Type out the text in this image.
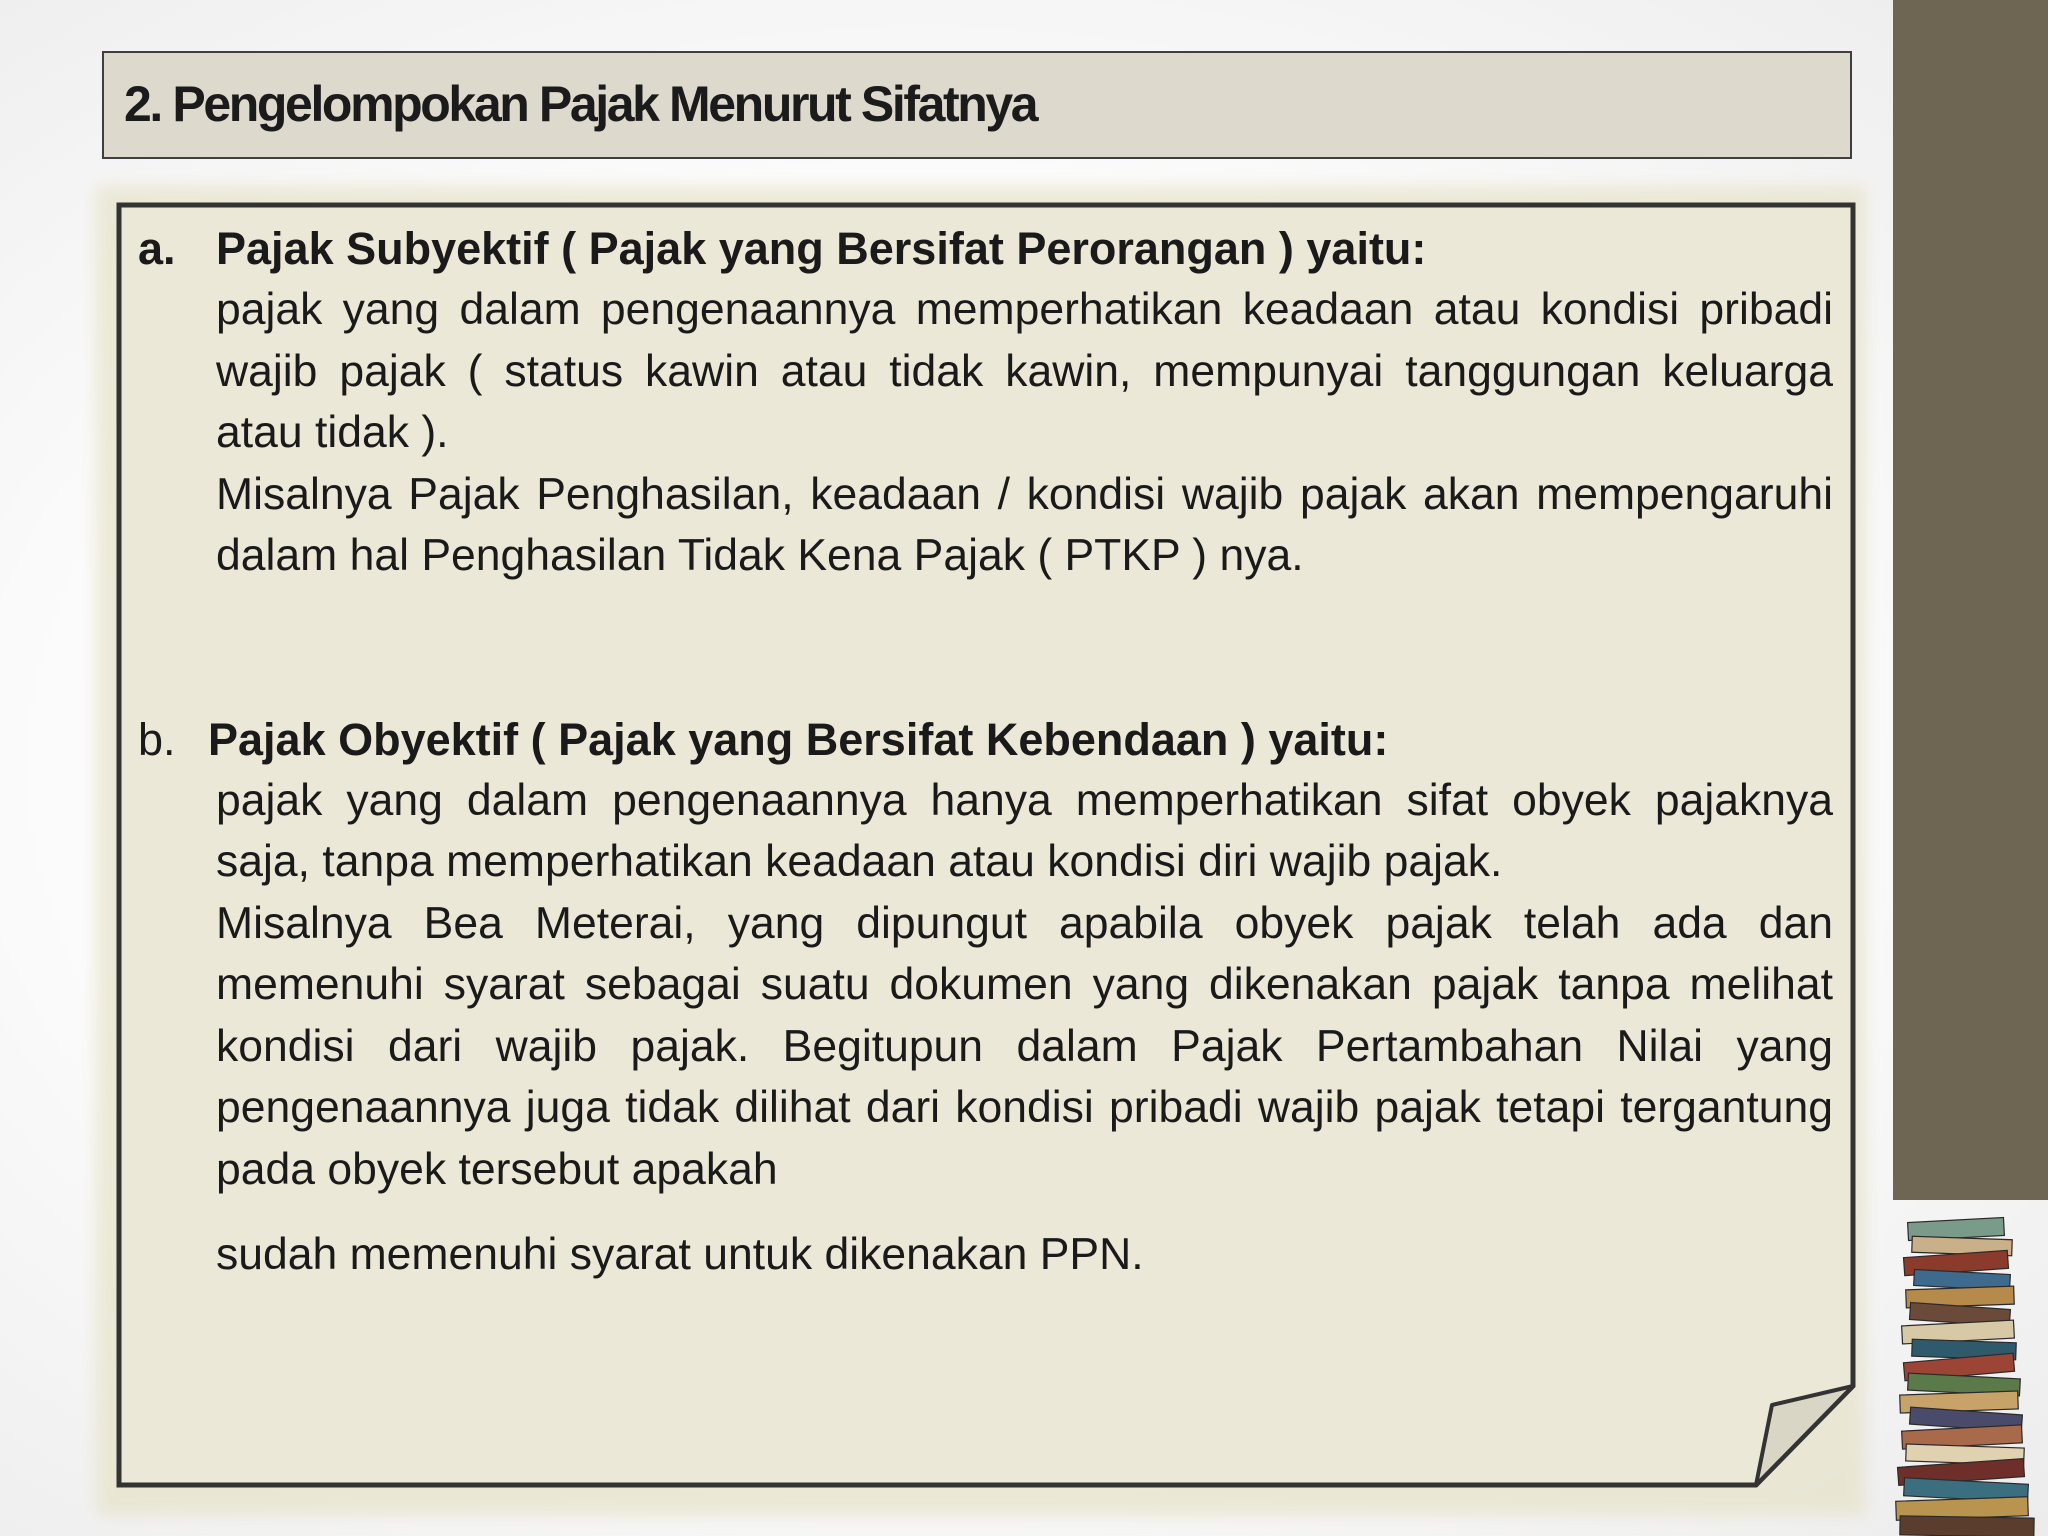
2. Pengelompokan Pajak Menurut Sifatnya
a. Pajak Subyektif ( Pajak yang Bersifat Perorangan ) yaitu:

pajak yang dalam pengenaannya memperhatikan keadaan atau kondisi pribadi wajib pajak ( status kawin atau tidak kawin, mempunyai tanggungan keluarga atau tidak ).

Misalnya Pajak Penghasilan, keadaan / kondisi wajib pajak akan mempengaruhi dalam hal Penghasilan Tidak Kena Pajak ( PTKP ) nya.

b. Pajak Obyektif ( Pajak yang Bersifat Kebendaan ) yaitu:

pajak yang dalam pengenaannya hanya memperhatikan sifat obyek pajaknya saja, tanpa memperhatikan keadaan atau kondisi diri wajib pajak.

Misalnya Bea Meterai, yang dipungut apabila obyek pajak telah ada dan memenuhi syarat sebagai suatu dokumen yang dikenakan pajak tanpa melihat kondisi dari wajib pajak. Begitupun dalam Pajak Pertambahan Nilai yang pengenaannya juga tidak dilihat dari kondisi pribadi wajib pajak tetapi tergantung pada obyek tersebut apakah

sudah memenuhi syarat untuk dikenakan PPN.
